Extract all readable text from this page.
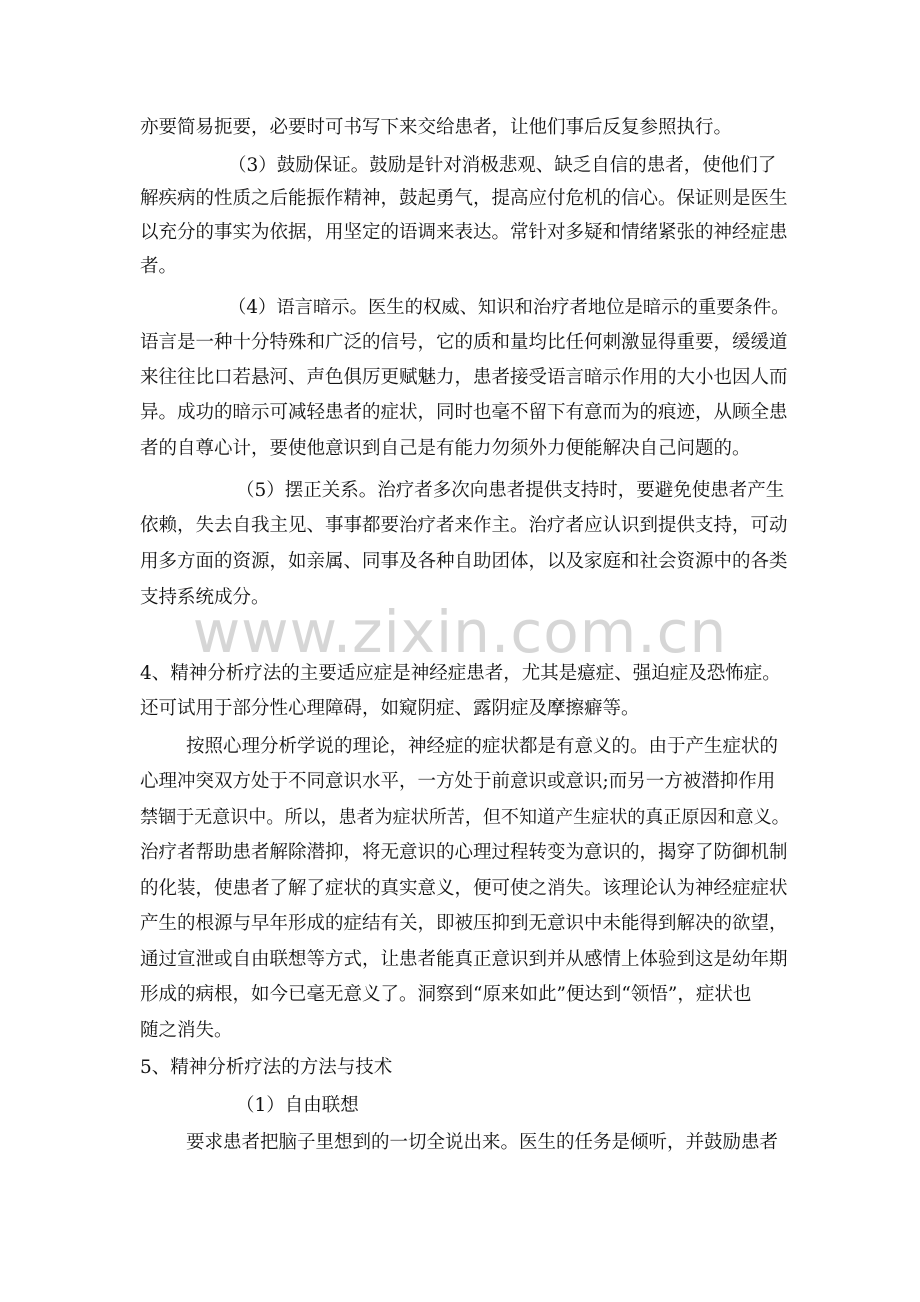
www.zixin.com.cn
亦要简易扼要，必要时可书写下来交给患者，让他们事后反复参照执行。
（3）鼓励保证。鼓励是针对消极悲观、缺乏自信的患者，使他们了
解疾病的性质之后能振作精神，鼓起勇气，提高应付危机的信心。保证则是医生
以充分的事实为依据，用坚定的语调来表达。常针对多疑和情绪紧张的神经症患
者。
（4）语言暗示。医生的权威、知识和治疗者地位是暗示的重要条件。
语言是一种十分特殊和广泛的信号，它的质和量均比任何刺激显得重要，缓缓道
来往往比口若悬河、声色俱厉更赋魅力，患者接受语言暗示作用的大小也因人而
异。成功的暗示可减轻患者的症状，同时也毫不留下有意而为的痕迹，从顾全患
者的自尊心计，要使他意识到自己是有能力勿须外力便能解决自己问题的。
（5）摆正关系。治疗者多次向患者提供支持时，要避免使患者产生
依赖，失去自我主见、事事都要治疗者来作主。治疗者应认识到提供支持，可动
用多方面的资源，如亲属、同事及各种自助团体，以及家庭和社会资源中的各类
支持系统成分。
4、精神分析疗法的主要适应症是神经症患者，尤其是癔症、强迫症及恐怖症。
还可试用于部分性心理障碍，如窥阴症、露阴症及摩擦癖等。
按照心理分析学说的理论，神经症的症状都是有意义的。由于产生症状的
心理冲突双方处于不同意识水平，一方处于前意识或意识;而另一方被潜抑作用
禁锢于无意识中。所以，患者为症状所苦，但不知道产生症状的真正原因和意义。
治疗者帮助患者解除潜抑，将无意识的心理过程转变为意识的，揭穿了防御机制
的化装，使患者了解了症状的真实意义，便可使之消失。该理论认为神经症症状
产生的根源与早年形成的症结有关，即被压抑到无意识中未能得到解决的欲望，
通过宣泄或自由联想等方式，让患者能真正意识到并从感情上体验到这是幼年期
形成的病根，如今已毫无意义了。洞察到“原来如此”便达到“领悟”，症状也
随之消失。
5、精神分析疗法的方法与技术
（1）自由联想
要求患者把脑子里想到的一切全说出来。医生的任务是倾听，并鼓励患者
